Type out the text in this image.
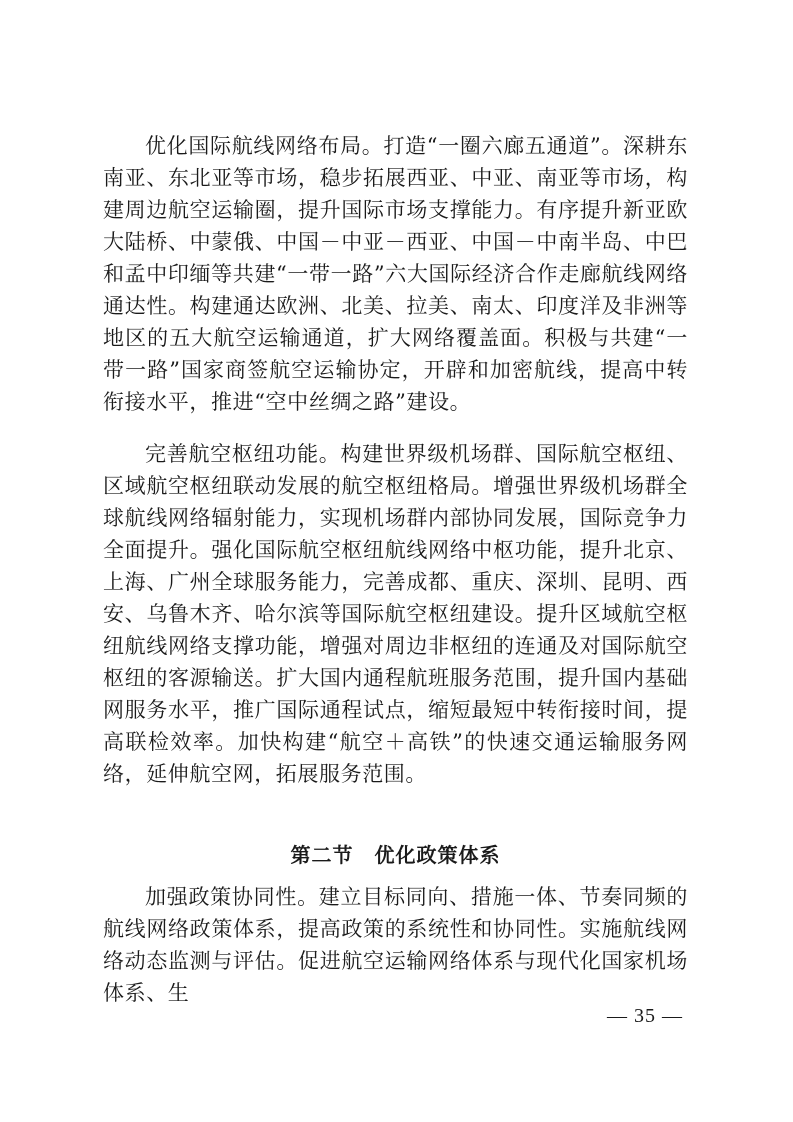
优化国际航线网络布局。打造“一圈六廊五通道”。深耕东南亚、东北亚等市场，稳步拓展西亚、中亚、南亚等市场，构建周边航空运输圈，提升国际市场支撑能力。有序提升新亚欧大陆桥、中蒙俄、中国－中亚－西亚、中国－中南半岛、中巴和孟中印缅等共建“一带一路”六大国际经济合作走廊航线网络通达性。构建通达欧洲、北美、拉美、南太、印度洋及非洲等地区的五大航空运输通道，扩大网络覆盖面。积极与共建“一带一路”国家商签航空运输协定，开辟和加密航线，提高中转衔接水平，推进“空中丝绸之路”建设。

完善航空枢纽功能。构建世界级机场群、国际航空枢纽、区域航空枢纽联动发展的航空枢纽格局。增强世界级机场群全球航线网络辐射能力，实现机场群内部协同发展，国际竞争力全面提升。强化国际航空枢纽航线网络中枢功能，提升北京、上海、广州全球服务能力，完善成都、重庆、深圳、昆明、西安、乌鲁木齐、哈尔滨等国际航空枢纽建设。提升区域航空枢纽航线网络支撑功能，增强对周边非枢纽的连通及对国际航空枢纽的客源输送。扩大国内通程航班服务范围，提升国内基础网服务水平，推广国际通程试点，缩短最短中转衔接时间，提高联检效率。加快构建“航空＋高铁”的快速交通运输服务网络，延伸航空网，拓展服务范围。

第二节　优化政策体系

加强政策协同性。建立目标同向、措施一体、节奏同频的航线网络政策体系，提高政策的系统性和协同性。实施航线网络动态监测与评估。促进航空运输网络体系与现代化国家机场体系、生

— 35 —
